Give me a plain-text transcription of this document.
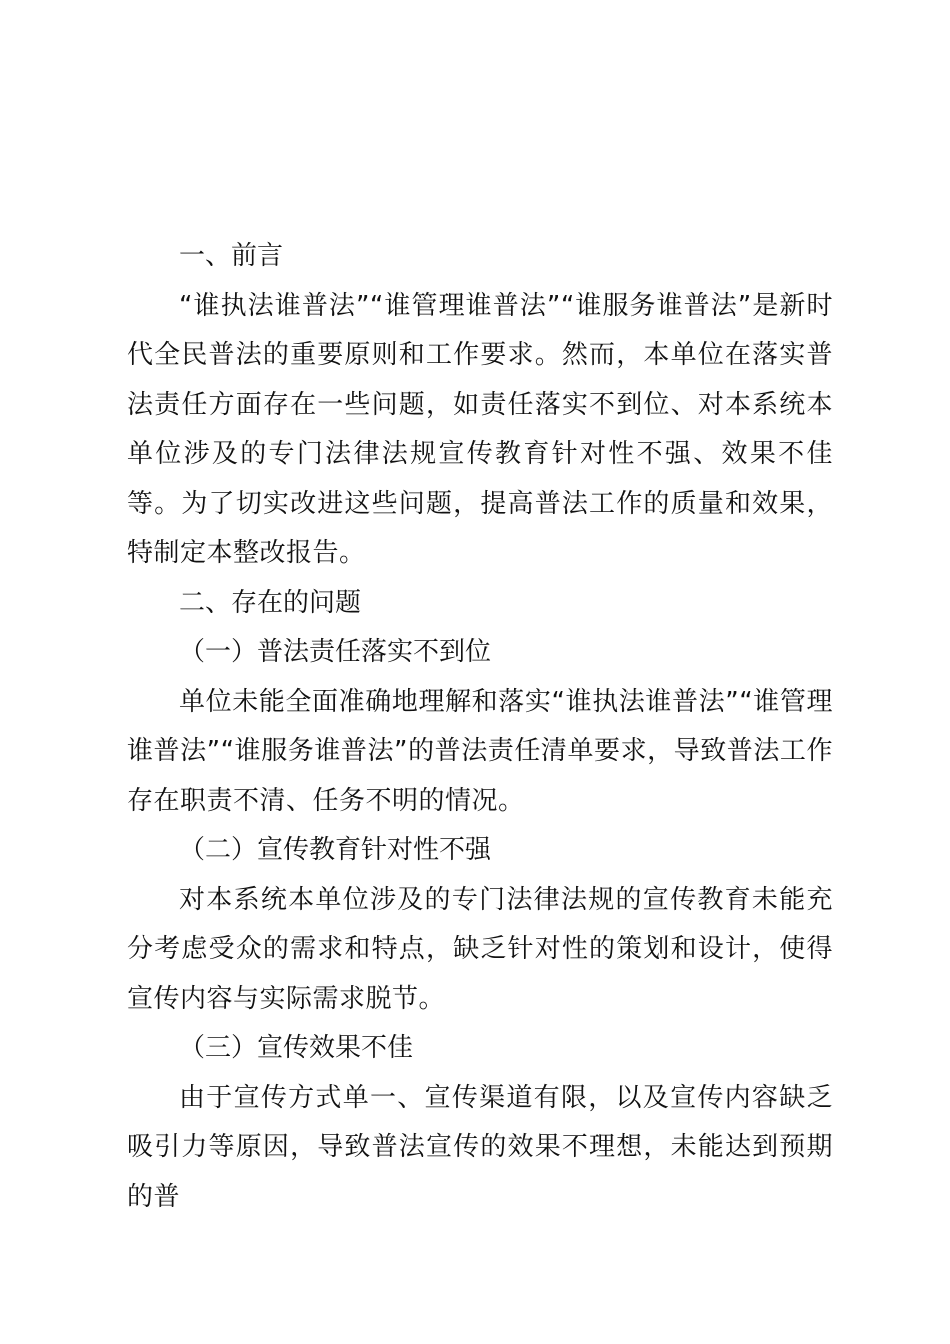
一、前言

“谁执法谁普法”“谁管理谁普法”“谁服务谁普法”是新时代全民普法的重要原则和工作要求。然而，本单位在落实普法责任方面存在一些问题，如责任落实不到位、对本系统本单位涉及的专门法律法规宣传教育针对性不强、效果不佳等。为了切实改进这些问题，提高普法工作的质量和效果，特制定本整改报告。

二、存在的问题

（一）普法责任落实不到位

单位未能全面准确地理解和落实“谁执法谁普法”“谁管理谁普法”“谁服务谁普法”的普法责任清单要求，导致普法工作存在职责不清、任务不明的情况。

（二）宣传教育针对性不强

对本系统本单位涉及的专门法律法规的宣传教育未能充分考虑受众的需求和特点，缺乏针对性的策划和设计，使得宣传内容与实际需求脱节。

（三）宣传效果不佳

由于宣传方式单一、宣传渠道有限，以及宣传内容缺乏吸引力等原因，导致普法宣传的效果不理想，未能达到预期的普
